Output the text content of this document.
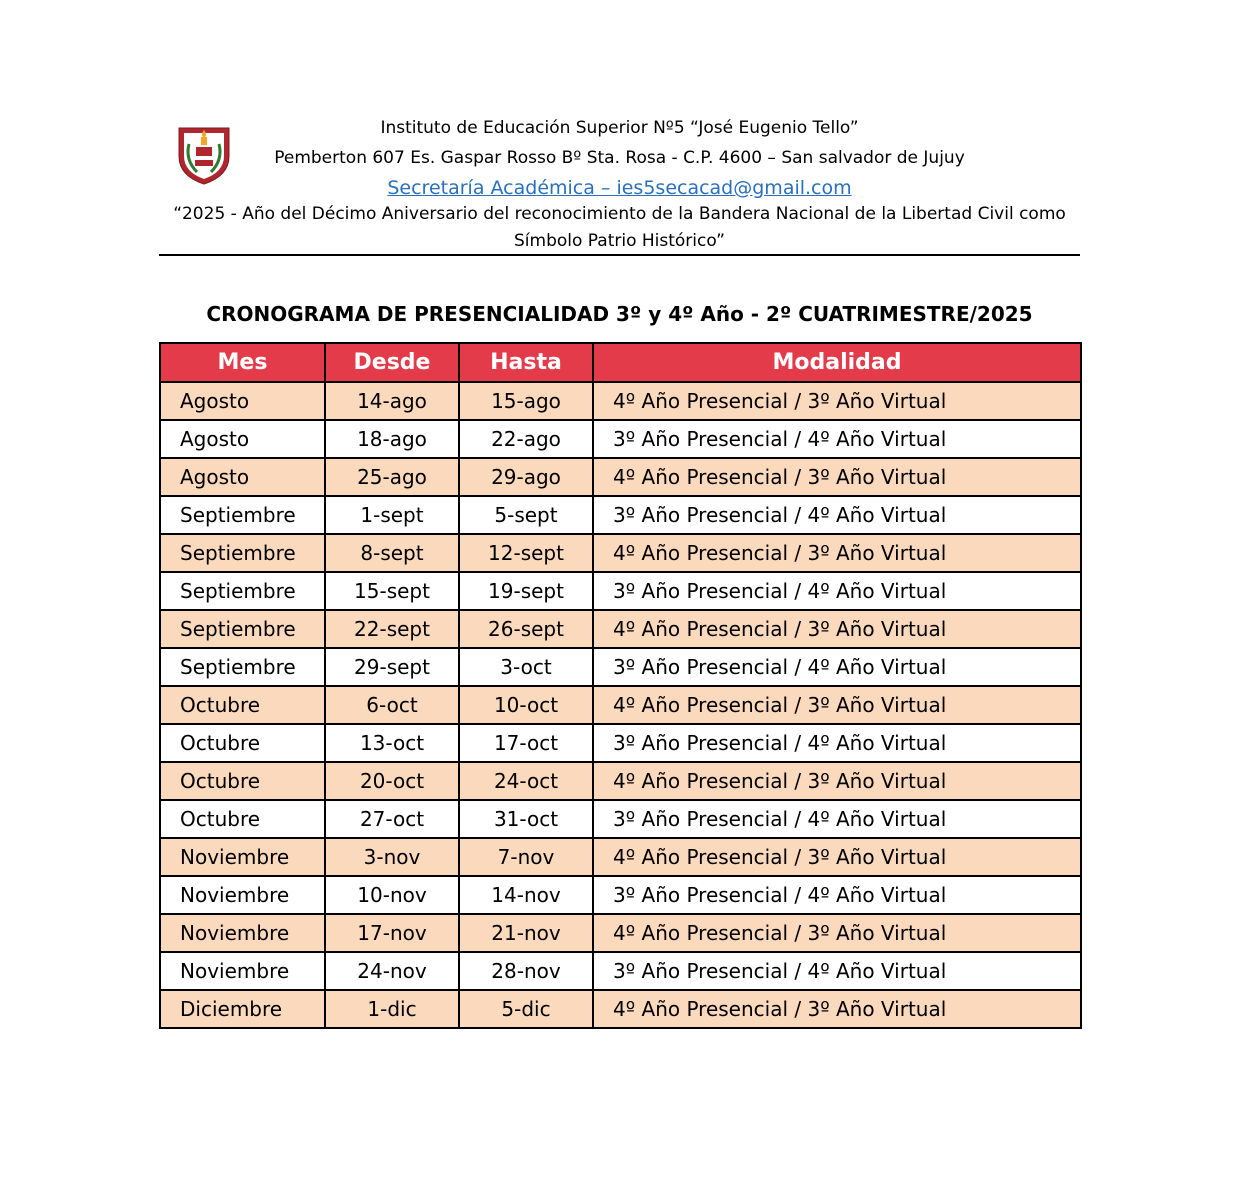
Instituto de Educación Superior Nº5 “José Eugenio Tello”
Pemberton 607 Es. Gaspar Rosso Bº Sta. Rosa - C.P. 4600 – San salvador de Jujuy
Secretaría Académica – ies5secacad@gmail.com
“2025 - Año del Décimo Aniversario del reconocimiento de la Bandera Nacional de la Libertad Civil como
Símbolo Patrio Histórico”
CRONOGRAMA DE PRESENCIALIDAD 3º y 4º Año - 2º CUATRIMESTRE/2025
Mes	Desde	Hasta	Modalidad
Agosto	14-ago	15-ago	4º Año Presencial / 3º Año Virtual
Agosto	18-ago	22-ago	3º Año Presencial / 4º Año Virtual
Agosto	25-ago	29-ago	4º Año Presencial / 3º Año Virtual
Septiembre	1-sept	5-sept	3º Año Presencial / 4º Año Virtual
Septiembre	8-sept	12-sept	4º Año Presencial / 3º Año Virtual
Septiembre	15-sept	19-sept	3º Año Presencial / 4º Año Virtual
Septiembre	22-sept	26-sept	4º Año Presencial / 3º Año Virtual
Septiembre	29-sept	3-oct	3º Año Presencial / 4º Año Virtual
Octubre	6-oct	10-oct	4º Año Presencial / 3º Año Virtual
Octubre	13-oct	17-oct	3º Año Presencial / 4º Año Virtual
Octubre	20-oct	24-oct	4º Año Presencial / 3º Año Virtual
Octubre	27-oct	31-oct	3º Año Presencial / 4º Año Virtual
Noviembre	3-nov	7-nov	4º Año Presencial / 3º Año Virtual
Noviembre	10-nov	14-nov	3º Año Presencial / 4º Año Virtual
Noviembre	17-nov	21-nov	4º Año Presencial / 3º Año Virtual
Noviembre	24-nov	28-nov	3º Año Presencial / 4º Año Virtual
Diciembre	1-dic	5-dic	4º Año Presencial / 3º Año Virtual
